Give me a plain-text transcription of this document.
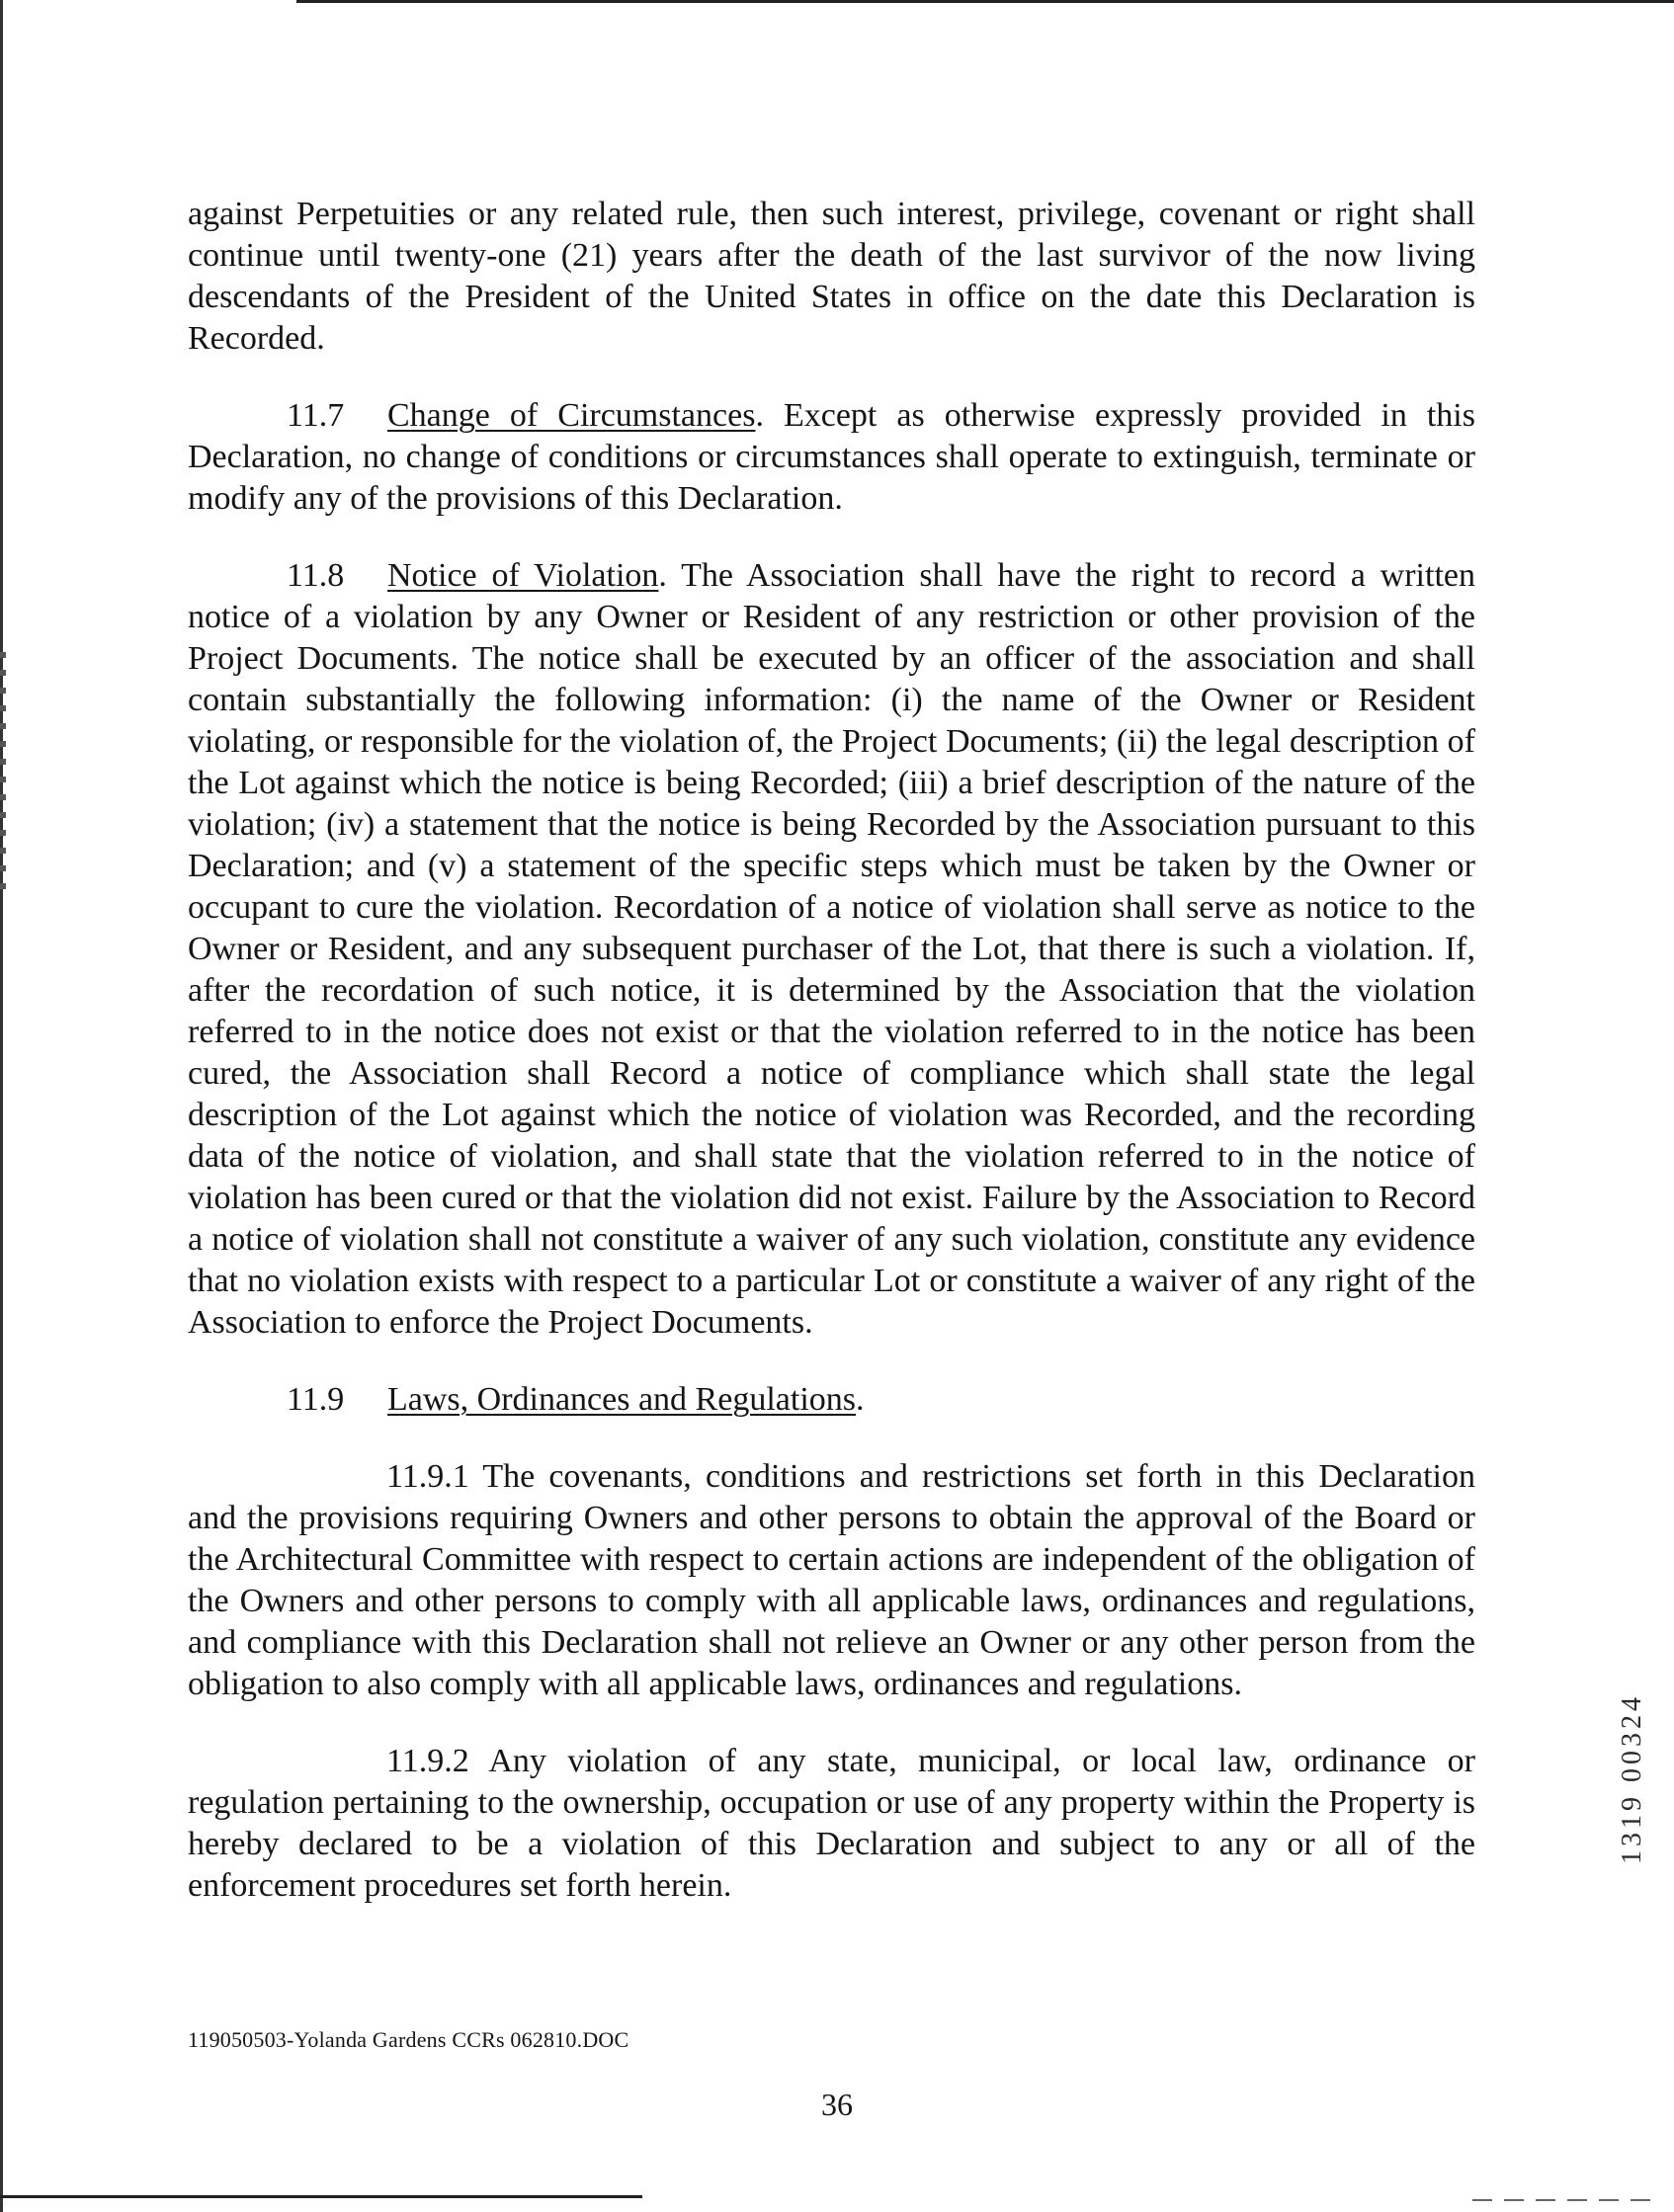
against Perpetuities or any related rule, then such interest, privilege, covenant or right shall continue until twenty-one (21) years after the death of the last survivor of the now living descendants of the President of the United States in office on the date this Declaration is Recorded.

11.7 Change of Circumstances. Except as otherwise expressly provided in this Declaration, no change of conditions or circumstances shall operate to extinguish, terminate or modify any of the provisions of this Declaration.

11.8 Notice of Violation. The Association shall have the right to record a written notice of a violation by any Owner or Resident of any restriction or other provision of the Project Documents. The notice shall be executed by an officer of the association and shall contain substantially the following information: (i) the name of the Owner or Resident violating, or responsible for the violation of, the Project Documents; (ii) the legal description of the Lot against which the notice is being Recorded; (iii) a brief description of the nature of the violation; (iv) a statement that the notice is being Recorded by the Association pursuant to this Declaration; and (v) a statement of the specific steps which must be taken by the Owner or occupant to cure the violation. Recordation of a notice of violation shall serve as notice to the Owner or Resident, and any subsequent purchaser of the Lot, that there is such a violation. If, after the recordation of such notice, it is determined by the Association that the violation referred to in the notice does not exist or that the violation referred to in the notice has been cured, the Association shall Record a notice of compliance which shall state the legal description of the Lot against which the notice of violation was Recorded, and the recording data of the notice of violation, and shall state that the violation referred to in the notice of violation has been cured or that the violation did not exist. Failure by the Association to Record a notice of violation shall not constitute a waiver of any such violation, constitute any evidence that no violation exists with respect to a particular Lot or constitute a waiver of any right of the Association to enforce the Project Documents.

11.9 Laws, Ordinances and Regulations.

11.9.1 The covenants, conditions and restrictions set forth in this Declaration and the provisions requiring Owners and other persons to obtain the approval of the Board or the Architectural Committee with respect to certain actions are independent of the obligation of the Owners and other persons to comply with all applicable laws, ordinances and regulations, and compliance with this Declaration shall not relieve an Owner or any other person from the obligation to also comply with all applicable laws, ordinances and regulations.

11.9.2 Any violation of any state, municipal, or local law, ordinance or regulation pertaining to the ownership, occupation or use of any property within the Property is hereby declared to be a violation of this Declaration and subject to any or all of the enforcement procedures set forth herein.

1319 00324
119050503-Yolanda Gardens CCRs 062810.DOC
36
